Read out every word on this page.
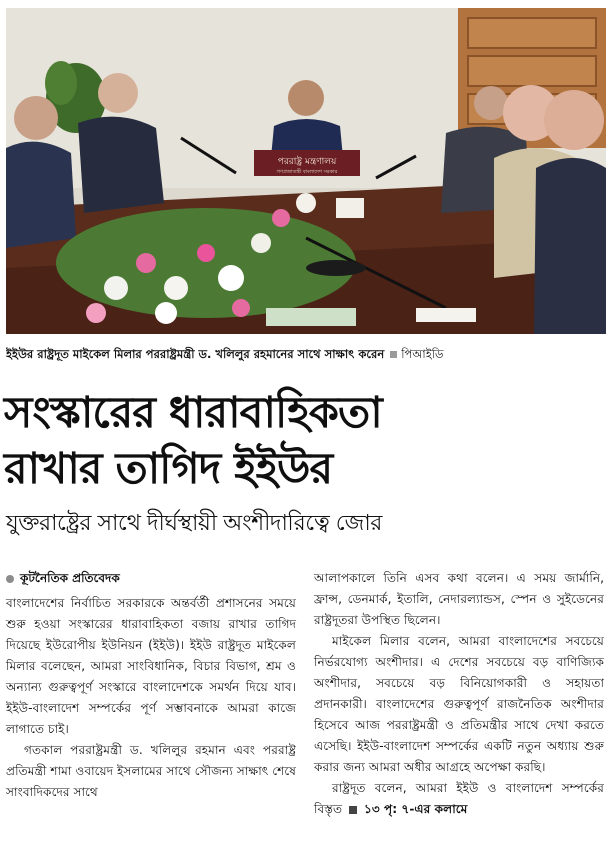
পররাষ্ট্র মন্ত্রণালয়
গণপ্রজাতন্ত্রী বাংলাদেশ সরকার
ইইউর রাষ্ট্রদূত মাইকেল মিলার পররাষ্ট্রমন্ত্রী ড. খলিলুর রহমানের সাথে সাক্ষাৎ করেন পিআইডি
সংস্কারের ধারাবাহিকতা
রাখার তাগিদ ইইউর
যুক্তরাষ্ট্রের সাথে দীর্ঘস্থায়ী অংশীদারিত্বে জোর

কূটনৈতিক প্রতিবেদক

বাংলাদেশের নির্বাচিত সরকারকে অন্তর্বর্তী প্রশাসনের সময়ে শুরু হওয়া সংস্কারের ধারাবাহিকতা বজায় রাখার তাগিদ দিয়েছে ইউরোপীয় ইউনিয়ন (ইইউ)। ইইউ রাষ্ট্রদূত মাইকেল মিলার বলেছেন, আমরা সাংবিধানিক, বিচার বিভাগ, শ্রম ও অন্যান্য গুরুত্বপূর্ণ সংস্কারে বাংলাদেশকে সমর্থন দিয়ে যাব। ইইউ-বাংলাদেশ সম্পর্কের পূর্ণ সম্ভাবনাকে আমরা কাজে লাগাতে চাই।

গতকাল পররাষ্ট্রমন্ত্রী ড. খলিলুর রহমান এবং পররাষ্ট্র প্রতিমন্ত্রী শামা ওবায়েদ ইসলামের সাথে সৌজন্য সাক্ষাৎ শেষে সাংবাদিকদের সাথে

আলাপকালে তিনি এসব কথা বলেন। এ সময় জার্মানি, ফ্রান্স, ডেনমার্ক, ইতালি, নেদারল্যান্ডস, স্পেন ও সুইডেনের রাষ্ট্রদূতরা উপস্থিত ছিলেন।

মাইকেল মিলার বলেন, আমরা বাংলাদেশের সবচেয়ে নির্ভরযোগ্য অংশীদার। এ দেশের সবচেয়ে বড় বাণিজ্যিক অংশীদার, সবচেয়ে বড় বিনিয়োগকারী ও সহায়তা প্রদানকারী। বাংলাদেশের গুরুত্বপূর্ণ রাজনৈতিক অংশীদার হিসেবে আজ পররাষ্ট্রমন্ত্রী ও প্রতিমন্ত্রীর সাথে দেখা করতে এসেছি। ইইউ-বাংলাদেশ সম্পর্কের একটি নতুন অধ্যায় শুরু করার জন্য আমরা অধীর আগ্রহে অপেক্ষা করছি।

রাষ্ট্রদূত বলেন, আমরা ইইউ ও বাংলাদেশ সম্পর্কের বিস্তৃত ১৩ পৃ: ৭-এর কলামে
